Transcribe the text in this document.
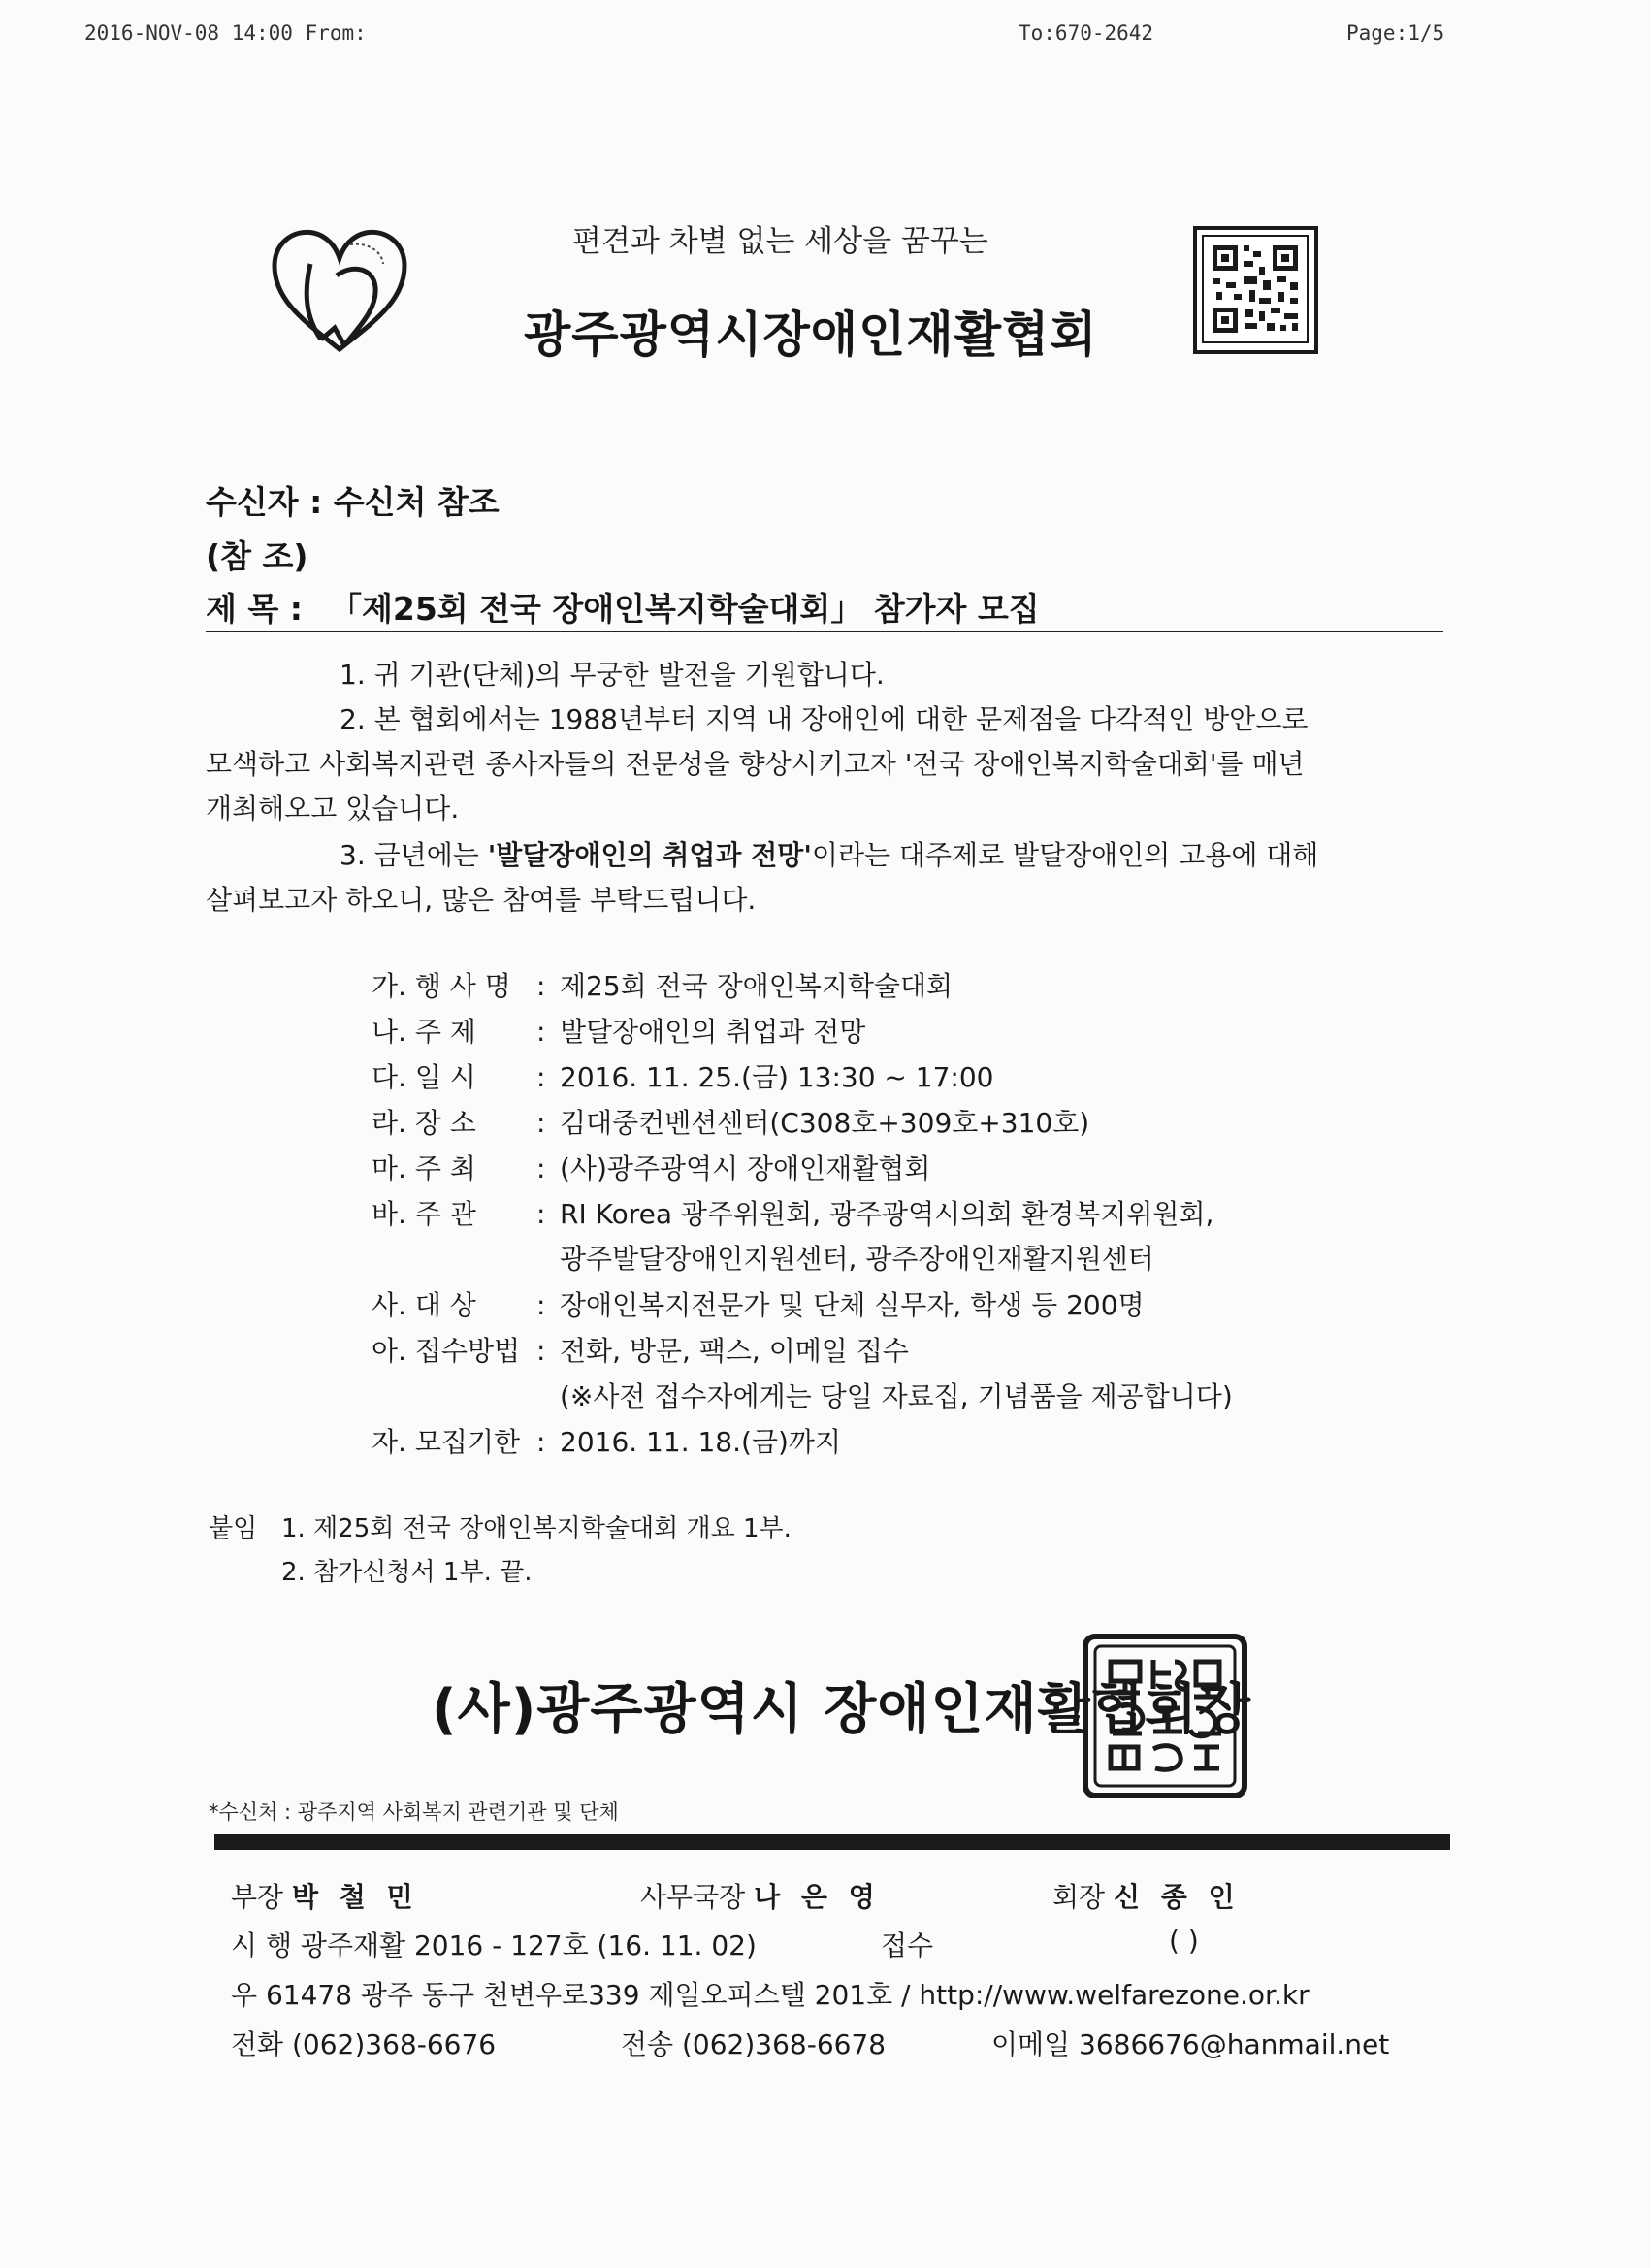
2016-NOV-08 14:00 From:	To:670-2642	Page:1/5
편견과 차별 없는 세상을 꿈꾸는
광주광역시장애인재활협회
수신자 : 수신처 참조
(참 조)
제 목 : 「제25회 전국 장애인복지학술대회」 참가자 모집
1. 귀 기관(단체)의 무궁한 발전을 기원합니다.
2. 본 협회에서는 1988년부터 지역 내 장애인에 대한 문제점을 다각적인 방안으로
모색하고 사회복지관련 종사자들의 전문성을 향상시키고자 '전국 장애인복지학술대회'를 매년
개최해오고 있습니다.
3. 금년에는 '발달장애인의 취업과 전망'이라는 대주제로 발달장애인의 고용에 대해
살펴보고자 하오니, 많은 참여를 부탁드립니다.
가. 행 사 명 : 제25회 전국 장애인복지학술대회
나. 주 제 : 발달장애인의 취업과 전망
다. 일 시 : 2016. 11. 25.(금) 13:30 ~ 17:00
라. 장 소 : 김대중컨벤션센터(C308호+309호+310호)
마. 주 최 : (사)광주광역시 장애인재활협회
바. 주 관 : RI Korea 광주위원회, 광주광역시의회 환경복지위원회,
광주발달장애인지원센터, 광주장애인재활지원센터
사. 대 상 : 장애인복지전문가 및 단체 실무자, 학생 등 200명
아. 접수방법 : 전화, 방문, 팩스, 이메일 접수
(※사전 접수자에게는 당일 자료집, 기념품을 제공합니다)
자. 모집기한 : 2016. 11. 18.(금)까지
붙임 1. 제25회 전국 장애인복지학술대회 개요 1부.
2. 참가신청서 1부. 끝.
(사)광주광역시 장애인재활협회장
*수신처 : 광주지역 사회복지 관련기관 및 단체
부장 박 철 민	사무국장 나 은 영	회장 신 종 인
시 행 광주재활 2016 - 127호 (16. 11. 02)	접수	( )
우 61478 광주 동구 천변우로339 제일오피스텔 201호 / http://www.welfarezone.or.kr
전화 (062)368-6676	전송 (062)368-6678	이메일 3686676@hanmail.net
